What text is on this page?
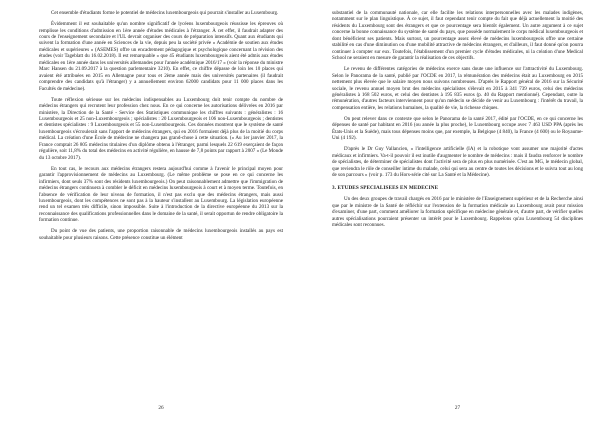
Cet ensemble d'étudiants forme le potentiel de médecins luxembourgeois qui pourrait s'installer au Luxembourg.

Évidemment il est souhaitable qu'un nombre significatif de lycéens luxembourgeois réussisse les épreuves où remplisse les conditions d'admission en 1ère année d'études médicales à l'étranger. À cet effet, il faudrait adapter des cours de l'enseignement secondaire et l'UL devrait organiser des cours de préparation intensifs. Quant aux étudiants qui suivent la formation d'une année en Sciences de la vie, depuis peu la société privée « Académie de soutien aux études médicales et supérieures » (ASEMES) offre un encadrement pédagogique et psychologique concernant la révision des études (voir Tageblatt du 16.02.2018). Il est remarquable « que 45 étudiants luxembourgeois aient été admis aux études médicales en 1ère année dans les universités allemandes pour l'année académique 2016/17 » (voir la réponse du ministre Marc Hansen du 21.09.2017 à la question parlementaire 3210). En effet, ce chiffre dépasse de loin les 10 places qui avaient été attribuées en 2015 en Allemagne pour tous et 2ème année mais des universités partenaires (il faudrait comprendre des candidats qu'à l'étranger) y a annuellement environ 62000 candidats pour 11 000 places dans les Facultés de médecine).

Toute réflexion sérieuse sur les médecins indispensables au Luxembourg doit tenir compte du nombre de médecins étrangers qui recrutent leur profession chez nous. En ce qui concerne les autorisations délivrées en 2016 par ministère, la Direction de la Santé - Service des Statistiques communique les chiffres suivants : généralistes : 16 Luxembourgeois et 25 non-Luxembourgeois ; spécialistes : 20 Luxembourgeois et 106 non-Luxembourgeois ; dentistes et dentistes spécialistes : 9 Luxembourgeois et 55 non-Luxembourgeois. Ces données montrent que le système de santé luxembourgeois s'écroulerait sans l'apport de médecins étrangers, qui en 2016 formaient déjà plus de la moitié du corps médical. La création d'une École de médecine ne changera pas grand-chose à cette situation. (« Au 1er janvier 2017, la France comptait 26 805 médecins titulaires d'un diplôme obtenu à l'étranger, parmi lesquels 22 619 exerçaient de façon régulière, soit 11,8% du total des médecins en activité régulière, en hausse de 7,8 points par rapport à 2007 » (Le Monde du 13 octobre 2017).

En tout cas, le recours aux médecins étrangers restera aujourd'hui comme à l'avenir le principal moyen pour garantir l'approvisionnement de médecins au Luxembourg. (Le même problème se pose en ce qui concerne les infirmiers, dont seuls 37% sont des résidents luxembourgeois.) On peut raisonnablement admettre que l'immigration de médecins étrangers continuera à combler le déficit en médecins luxembourgeois à court et à moyen terme. Toutefois, en l'absence de vérification de leur niveau de formation, il n'est pas exclu que des médecins étrangers, mais aussi luxembourgeois, dont les compétences ne sont pas à la hauteur s'installent au Luxembourg. La législation européenne rend un tel examen très difficile, sinon impossible. Suite à l'introduction de la directive européenne du 2013 sur la reconnaissance des qualifications professionnelles dans le domaine de la santé, il serait opportun de rendre obligatoire la formation continue.

Du point de vue des patients, une proportion raisonnable de médecins luxembourgeois installés au pays est souhaitable pour plusieurs raisons. Cette présence constitue un élément

26

substantiel de la communauté nationale, car elle facilite les relations interpersonnelles avec les malades indigènes, notamment sur le plan linguistique. À ce sujet, il faut cependant tenir compte du fait que déjà actuellement la moitié des résidents du Luxembourg sont des étrangers et que ce pourcentage sera bientôt également. Un autre argument à ce sujet concerne la bonne connaissance du système de santé du pays, que possède normalement le corps médical luxembourgeois et dont bénéficient ses patients. Mais surtout, un pourcentage assez élevé de médecins luxembourgeois offre une certaine stabilité en cas d'une diminution ou d'une mobilité attractive de médecins étrangers, et d'ailleurs, il faut donné qu'on pourra continuer à compter sur eux. Toutefois, l'établissement d'un premier cycle d'études médicales, ni la création d'une Medical School ne seraient en mesure de garantir la réalisation de ces objectifs.

Le revenu de différentes catégories de médecins exerce sans doute une influence sur l'attractivité du Luxembourg. Selon le Panorama de la santé, publié par l'OCDE en 2017, la rémunération des médecins était au Luxembourg en 2015 nettement plus élevée que le salaire moyen nous suivons nombreuses. D'après le Rapport général de 2016 sur la Sécurité sociale, le revenu annuel moyen brut des médecins spécialistes s'élevait en 2015 à 341 739 euros, celui des médecins généralistes à 168 502 euros, et celui des dentistes à 195 835 euros (p. 40 du Rapport mentionné). Cependant, outre la rémunération, d'autres facteurs interviennent pour qu'un médecin se décide de venir au Luxembourg : l'intérêt du travail, la compensation entière, les relations humaines, la qualité de vie, la richesse chiques.

On peut relever dans ce contexte que selon le Panorama de la santé 2017, édité par l'OCDE, en ce qui concerne les dépenses de santé par habitant en 2016 (ou année la plus proche), le Luxembourg occupe avec 7 463 USD PPA (après les États-Unis et la Suède), mais tous dépenses moins que, par exemple, la Belgique (4 840), la France (4 600) ou le Royaume-Uni (4 192).

D'après le Dr Guy Vallancien, « l'intelligence artificielle (IA) et la robotique vont assumer une majorité d'actes médicaux et infirmiers. Va-t-il pouvoir il est inutile d'augmenter le nombre de médecins : mais il faudra renforcer le nombre de spécialistes, de déterminer de spécialistes dont l'activité sera de plus en plus numérisée. C'est au MG, le médecin global, que reviendra le rôle de conseiller intime du malade, celui qui sera au centre de toutes les décisions et le suivra tout au long de son parcours » (voir p. 173 du Hors-série cité sur La Santé et la Médecine).

3. ETUDES SPECIALISEES EN MEDECINE

Un des deux groupes de travail chargés en 2016 par le ministère de l'Enseignement supérieur et de la Recherche ainsi que par le ministre de la Santé de réfléchir sur l'extension de la formation médicale au Luxembourg avait pour mission d'examiner, d'une part, comment améliorer la formation spécifique en médecine générale et, d'autre part, de vérifier quelles autres spécialisations pourraient présenter un intérêt pour le Luxembourg. Rappelons qu'au Luxembourg 54 disciplines médicales sont reconnues.

27
